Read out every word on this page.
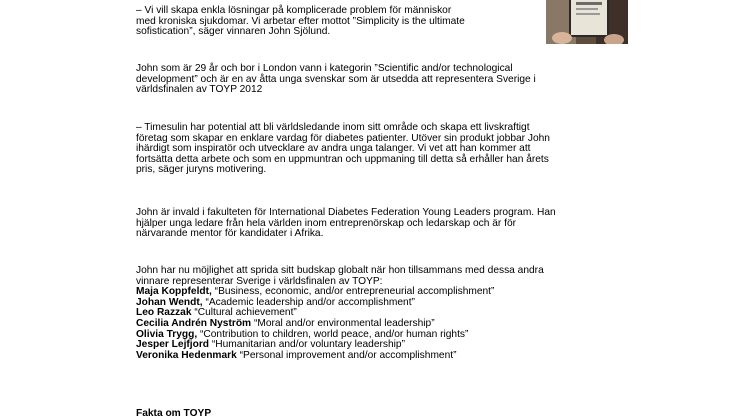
– Vi vill skapa enkla lösningar på komplicerade problem för människor
med kroniska sjukdomar. Vi arbetar efter mottot ”Simplicity is the ultimate
sofistication”, säger vinnaren John Sjölund.

John som är 29 år och bor i London vann i kategorin ”Scientific and/or technological
development” och är en av åtta unga svenskar som är utsedda att representera Sverige i
världsfinalen av TOYP 2012

– Timesulin har potential att bli världsledande inom sitt område och skapa ett livskraftigt
företag som skapar en enklare vardag för diabetes patienter. Utöver sin produkt jobbar John
ihärdigt som inspiratör och utvecklare av andra unga talanger. Vi vet att han kommer att
fortsätta detta arbete och som en uppmuntran och uppmaning till detta så erhåller han årets
pris, säger juryns motivering.

John är invald i fakulteten för International Diabetes Federation Young Leaders program. Han
hjälper unga ledare från hela världen inom entreprenörskap och ledarskap och är för
närvarande mentor för kandidater i Afrika.

John har nu möjlighet att sprida sitt budskap globalt när hon tillsammans med dessa andra
vinnare representerar Sverige i världsfinalen av TOYP:
Maja Koppfeldt, “Business, economic, and/or entrepreneurial accomplishment”
Johan Wendt, “Academic leadership and/or accomplishment”
Leo Razzak “Cultural achievement”
Cecilia Andrén Nyström “Moral and/or environmental leadership”
Olivia Trygg, “Contribution to children, world peace, and/or human rights”
Jesper Lejfjord “Humanitarian and/or voluntary leadership”
Veronika Hedenmark “Personal improvement and/or accomplishment”

Fakta om TOYP
